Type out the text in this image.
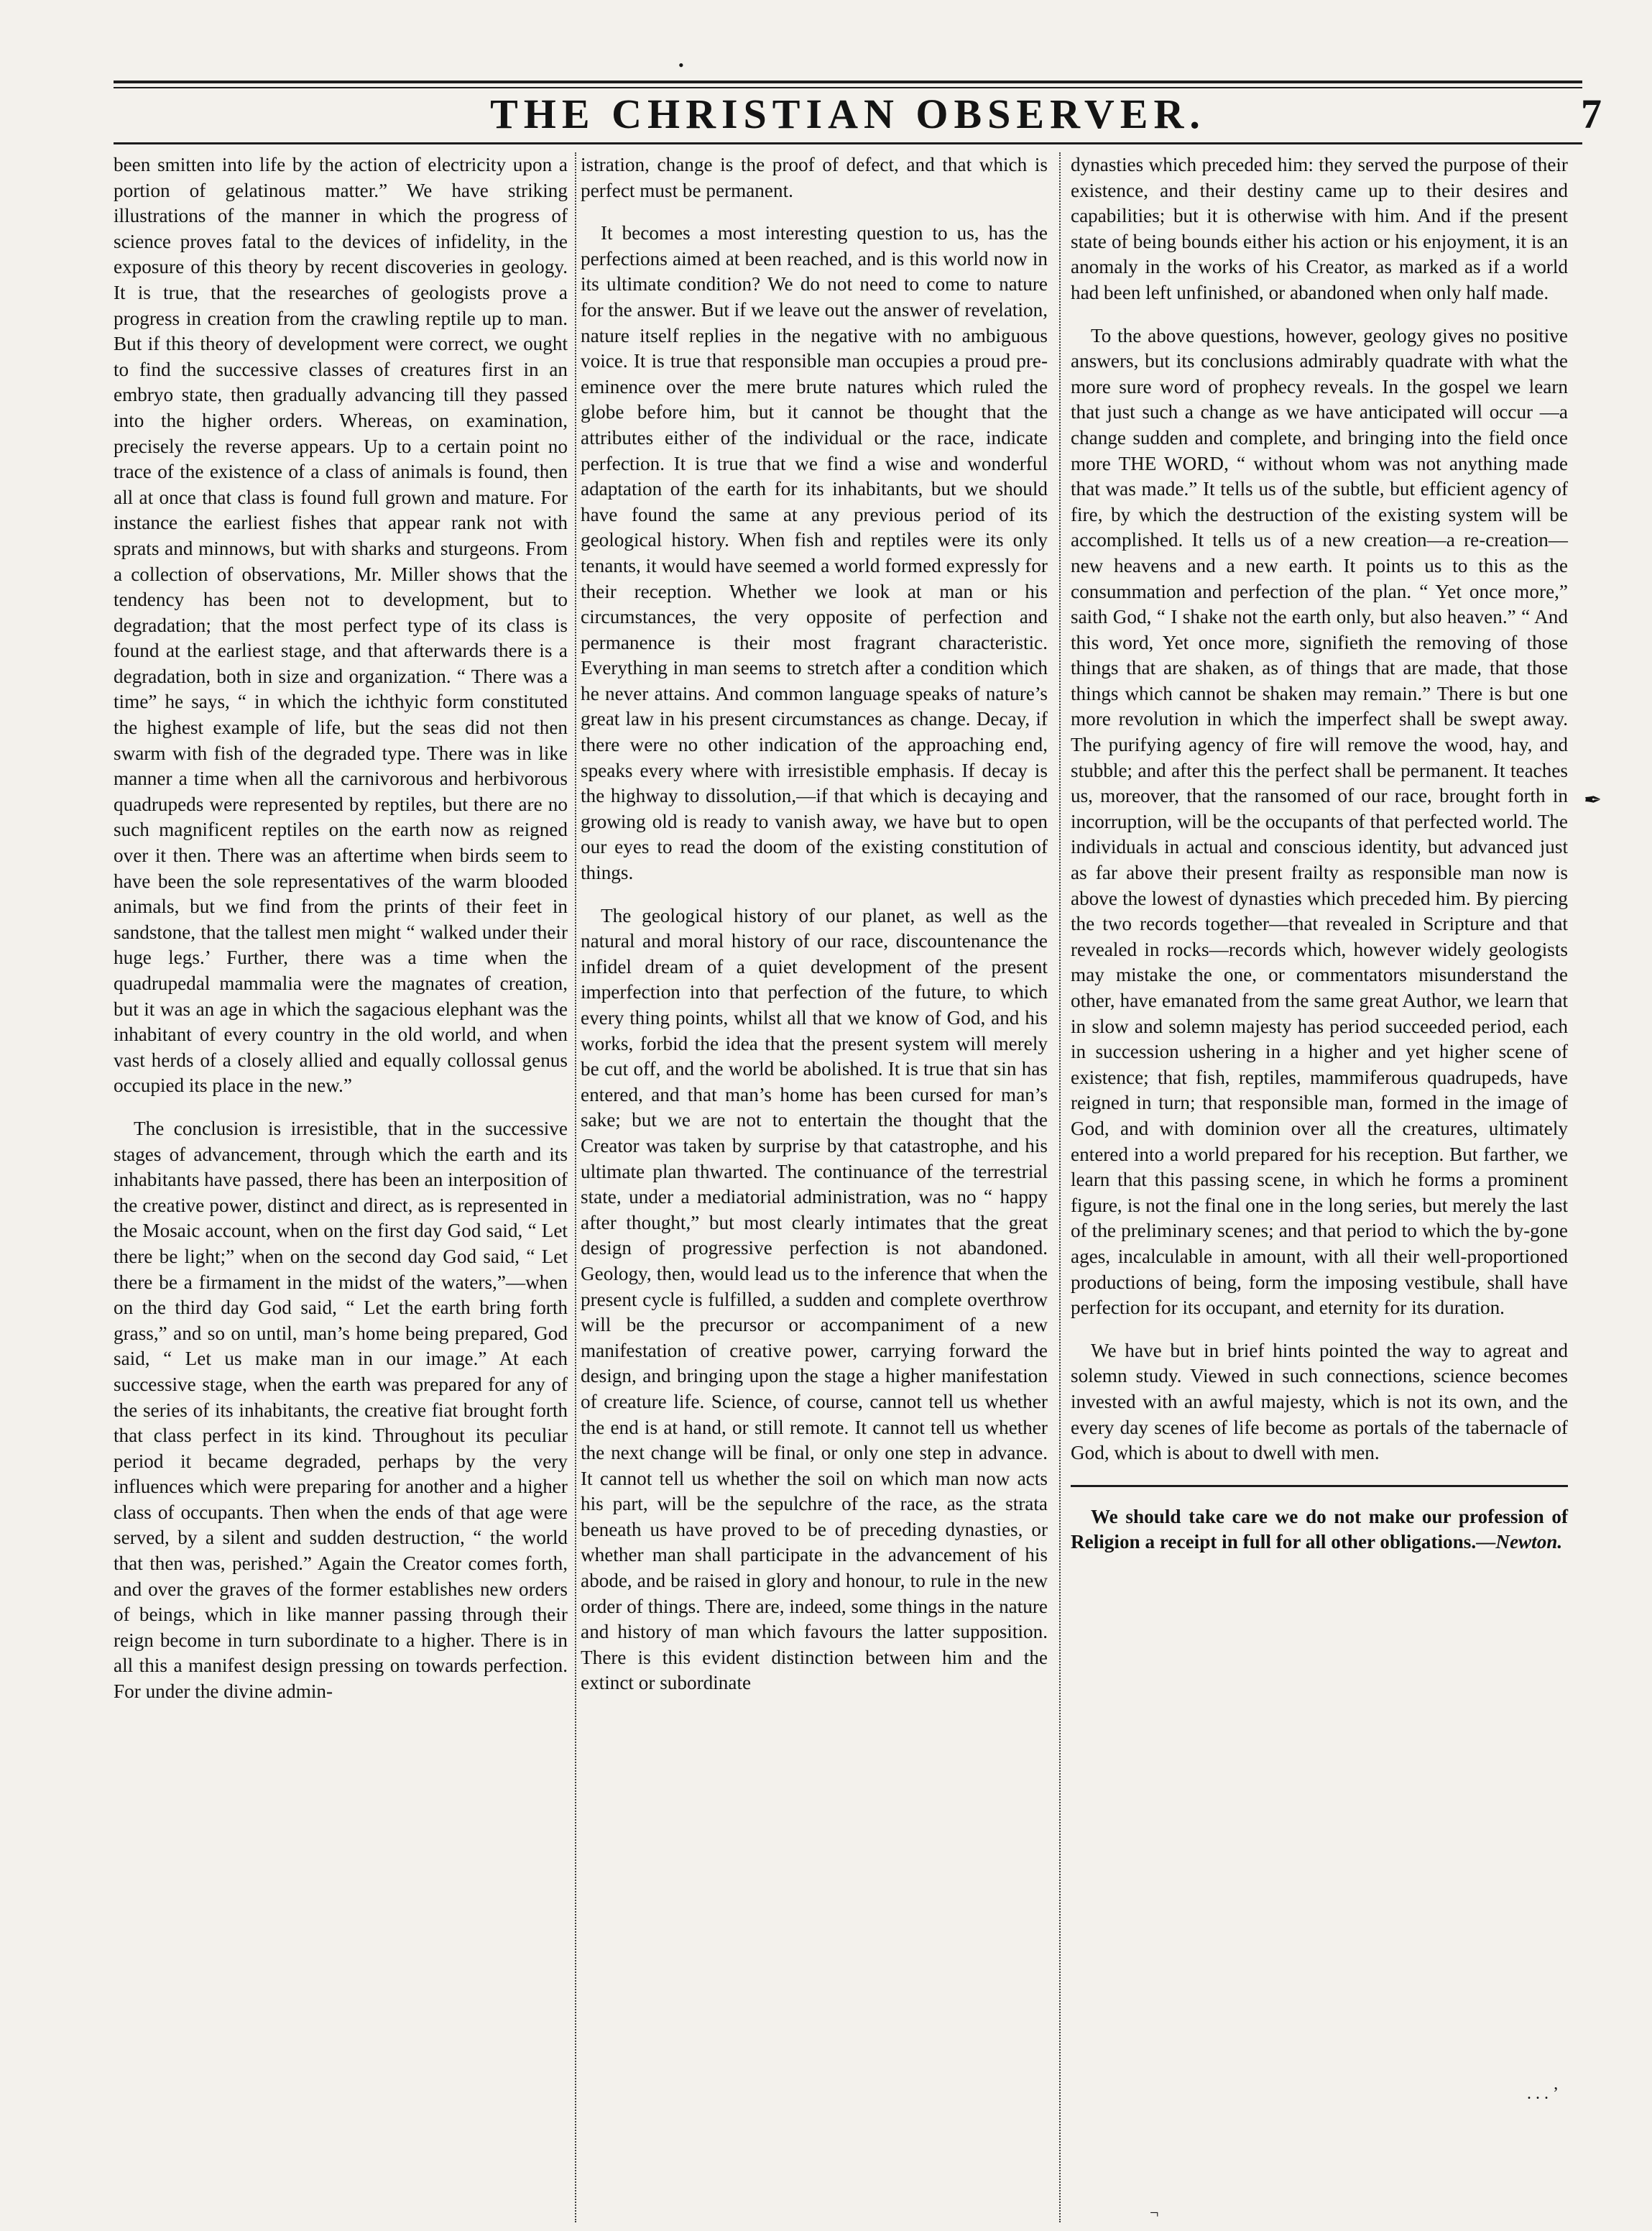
•
THE CHRISTIAN OBSERVER.	7

been smitten into life by the action of electricity upon a portion of gelatinous matter.” We have striking illustrations of the manner in which the progress of science proves fatal to the devices of infidelity, in the exposure of this theory by recent discoveries in geology. It is true, that the researches of geologists prove a progress in creation from the crawling reptile up to man. But if this theory of development were correct, we ought to find the successive classes of creatures first in an embryo state, then gradually advancing till they passed into the higher orders. Whereas, on examination, precisely the reverse appears. Up to a certain point no trace of the existence of a class of animals is found, then all at once that class is found full grown and mature. For instance the earliest fishes that appear rank not with sprats and minnows, but with sharks and sturgeons. From a collection of observations, Mr. Miller shows that the tendency has been not to development, but to degradation; that the most perfect type of its class is found at the earliest stage, and that afterwards there is a degradation, both in size and organization. “ There was a time” he says, “ in which the ichthyic form constituted the highest example of life, but the seas did not then swarm with fish of the degraded type. There was in like manner a time when all the carnivorous and herbivorous quadrupeds were represented by reptiles, but there are no such magnificent reptiles on the earth now as reigned over it then. There was an aftertime when birds seem to have been the sole representatives of the warm blooded animals, but we find from the prints of their feet in sandstone, that the tallest men might “ walked under their huge legs.’ Further, there was a time when the quadrupedal mammalia were the magnates of creation, but it was an age in which the sagacious elephant was the inhabitant of every country in the old world, and when vast herds of a closely allied and equally collossal genus occupied its place in the new.”

The conclusion is irresistible, that in the successive stages of advancement, through which the earth and its inhabitants have passed, there has been an interposition of the creative power, distinct and direct, as is represented in the Mosaic account, when on the first day God said, “ Let there be light;” when on the second day God said, “ Let there be a firmament in the midst of the waters,”—when on the third day God said, “ Let the earth bring forth grass,” and so on until, man’s home being prepared, God said, “ Let us make man in our image.” At each successive stage, when the earth was prepared for any of the series of its inhabitants, the creative fiat brought forth that class perfect in its kind. Throughout its peculiar period it became degraded, perhaps by the very influences which were preparing for another and a higher class of occupants. Then when the ends of that age were served, by a silent and sudden destruction, “ the world that then was, perished.” Again the Creator comes forth, and over the graves of the former establishes new orders of beings, which in like manner passing through their reign become in turn subordinate to a higher. There is in all this a manifest design pressing on towards perfection. For under the divine admin-

istration, change is the proof of defect, and that which is perfect must be permanent.

It becomes a most interesting question to us, has the perfections aimed at been reached, and is this world now in its ultimate condition? We do not need to come to nature for the answer. But if we leave out the answer of revelation, nature itself replies in the negative with no ambiguous voice. It is true that responsible man occupies a proud pre-eminence over the mere brute natures which ruled the globe before him, but it cannot be thought that the attributes either of the individual or the race, indicate perfection. It is true that we find a wise and wonderful adaptation of the earth for its inhabitants, but we should have found the same at any previous period of its geological history. When fish and reptiles were its only tenants, it would have seemed a world formed expressly for their reception. Whether we look at man or his circumstances, the very opposite of perfection and permanence is their most fragrant characteristic. Everything in man seems to stretch after a condition which he never attains. And common language speaks of nature’s great law in his present circumstances as change. Decay, if there were no other indication of the approaching end, speaks every where with irresistible emphasis. If decay is the highway to dissolution,—if that which is decaying and growing old is ready to vanish away, we have but to open our eyes to read the doom of the existing constitution of things.

The geological history of our planet, as well as the natural and moral history of our race, discountenance the infidel dream of a quiet development of the present imperfection into that perfection of the future, to which every thing points, whilst all that we know of God, and his works, forbid the idea that the present system will merely be cut off, and the world be abolished. It is true that sin has entered, and that man’s home has been cursed for man’s sake; but we are not to entertain the thought that the Creator was taken by surprise by that catastrophe, and his ultimate plan thwarted. The continuance of the terrestrial state, under a mediatorial administration, was no “ happy after thought,” but most clearly intimates that the great design of progressive perfection is not abandoned. Geology, then, would lead us to the inference that when the present cycle is fulfilled, a sudden and complete overthrow will be the precursor or accompaniment of a new manifestation of creative power, carrying forward the design, and bringing upon the stage a higher manifestation of creature life. Science, of course, cannot tell us whether the end is at hand, or still remote. It cannot tell us whether the next change will be final, or only one step in advance. It cannot tell us whether the soil on which man now acts his part, will be the sepulchre of the race, as the strata beneath us have proved to be of preceding dynasties, or whether man shall participate in the advancement of his abode, and be raised in glory and honour, to rule in the new order of things. There are, indeed, some things in the nature and history of man which favours the latter supposition. There is this evident distinction between him and the extinct or subordinate

dynasties which preceded him: they served the purpose of their existence, and their destiny came up to their desires and capabilities; but it is otherwise with him. And if the present state of being bounds either his action or his enjoyment, it is an anomaly in the works of his Creator, as marked as if a world had been left unfinished, or abandoned when only half made.

To the above questions, however, geology gives no positive answers, but its conclusions admirably quadrate with what the more sure word of prophecy reveals. In the gospel we learn that just such a change as we have anticipated will occur —a change sudden and complete, and bringing into the field once more THE WORD, “ without whom was not anything made that was made.” It tells us of the subtle, but efficient agency of fire, by which the destruction of the existing system will be accomplished. It tells us of a new creation—a re-creation—new heavens and a new earth. It points us to this as the consummation and perfection of the plan. “ Yet once more,” saith God, “ I shake not the earth only, but also heaven.” “ And this word, Yet once more, signifieth the removing of those things that are shaken, as of things that are made, that those things which cannot be shaken may remain.” There is but one more revolution in which the imperfect shall be swept away. The purifying agency of fire will remove the wood, hay, and stubble; and after this the perfect shall be permanent. It teaches us, moreover, that the ransomed of our race, brought forth in incorruption, will be the occupants of that perfected world. The individuals in actual and conscious identity, but advanced just as far above their present frailty as responsible man now is above the lowest of dynasties which preceded him. By piercing the two records together—that revealed in Scripture and that revealed in rocks—records which, however widely geologists may mistake the one, or commentators misunderstand the other, have emanated from the same great Author, we learn that in slow and solemn majesty has period succeeded period, each in succession ushering in a higher and yet higher scene of existence; that fish, reptiles, mammiferous quadrupeds, have reigned in turn; that responsible man, formed in the image of God, and with dominion over all the creatures, ultimately entered into a world prepared for his reception. But farther, we learn that this passing scene, in which he forms a prominent figure, is not the final one in the long series, but merely the last of the preliminary scenes; and that period to which the by-gone ages, incalculable in amount, with all their well-proportioned productions of being, form the imposing vestibule, shall have perfection for its occupant, and eternity for its duration.

We have but in brief hints pointed the way to agreat and solemn study. Viewed in such connections, science becomes invested with an awful majesty, which is not its own, and the every day scenes of life become as portals of the tabernacle of God, which is about to dwell with men.

We should take care we do not make our profession of Religion a receipt in full for all other obligations.—Newton.

. . . ’
✒
¬
